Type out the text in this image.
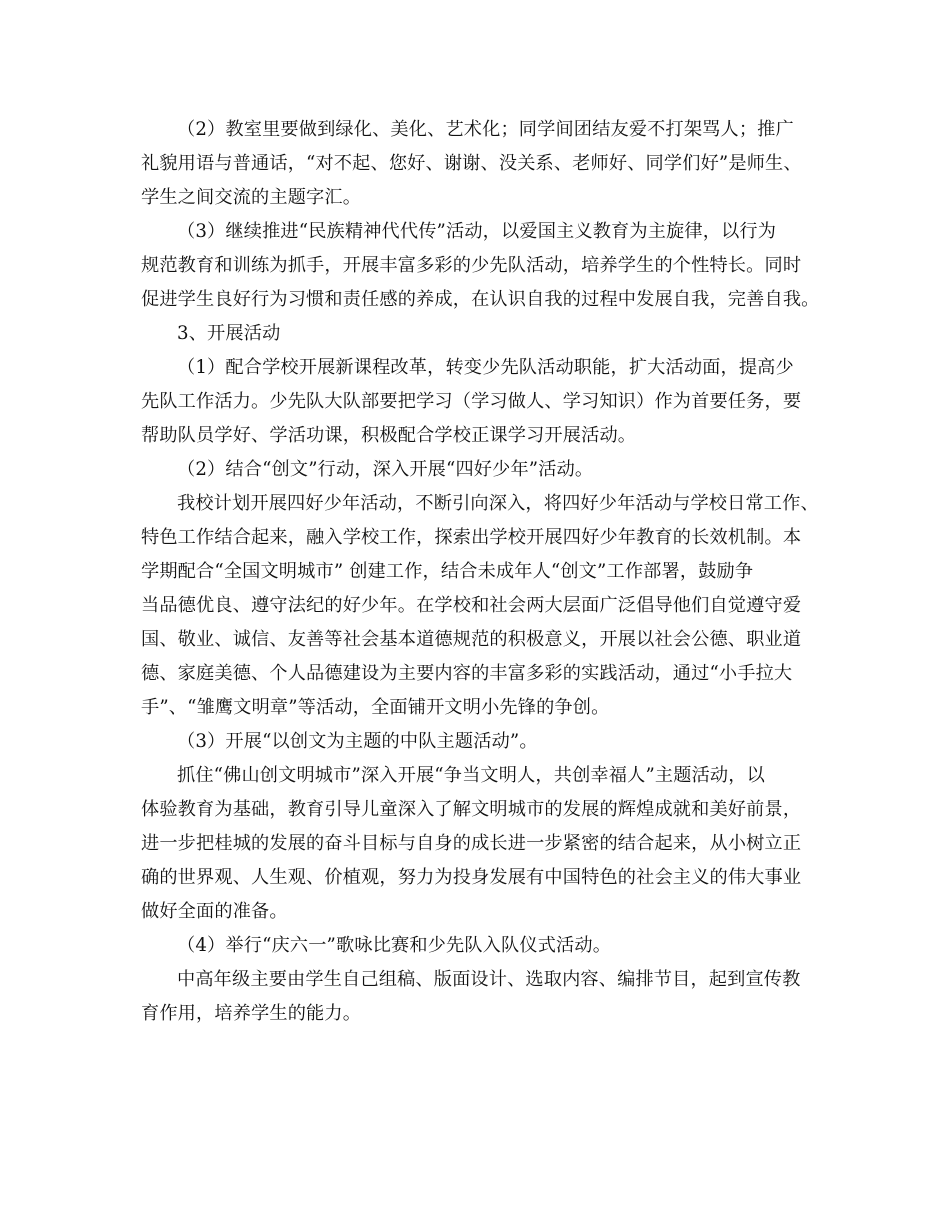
（2）教室里要做到绿化、美化、艺术化；同学间团结友爱不打架骂人；推广
礼貌用语与普通话，“对不起、您好、谢谢、没关系、老师好、同学们好”是师生、
学生之间交流的主题字汇。
（3）继续推进“民族精神代代传”活动，以爱国主义教育为主旋律，以行为
规范教育和训练为抓手，开展丰富多彩的少先队活动，培养学生的个性特长。同时
促进学生良好行为习惯和责任感的养成，在认识自我的过程中发展自我，完善自我。
3、开展活动
（1）配合学校开展新课程改革，转变少先队活动职能，扩大活动面，提高少
先队工作活力。少先队大队部要把学习（学习做人、学习知识）作为首要任务，要
帮助队员学好、学活功课，积极配合学校正课学习开展活动。
（2）结合“创文”行动，深入开展“四好少年”活动。
我校计划开展四好少年活动，不断引向深入，将四好少年活动与学校日常工作、
特色工作结合起来，融入学校工作，探索出学校开展四好少年教育的长效机制。本
学期配合“全国文明城市” 创建工作，结合未成年人“创文”工作部署，鼓励争
当品德优良、遵守法纪的好少年。在学校和社会两大层面广泛倡导他们自觉遵守爱
国、敬业、诚信、友善等社会基本道德规范的积极意义，开展以社会公德、职业道
德、家庭美德、个人品德建设为主要内容的丰富多彩的实践活动，通过“小手拉大
手”、“雏鹰文明章”等活动，全面铺开文明小先锋的争创。
（3）开展“以创文为主题的中队主题活动”。
抓住“佛山创文明城市”深入开展“争当文明人，共创幸福人”主题活动，以
体验教育为基础，教育引导儿童深入了解文明城市的发展的辉煌成就和美好前景，
进一步把桂城的发展的奋斗目标与自身的成长进一步紧密的结合起来，从小树立正
确的世界观、人生观、价植观，努力为投身发展有中国特色的社会主义的伟大事业
做好全面的准备。
（4）举行“庆六一”歌咏比赛和少先队入队仪式活动。
中高年级主要由学生自己组稿、版面设计、选取内容、编排节目，起到宣传教
育作用，培养学生的能力。
